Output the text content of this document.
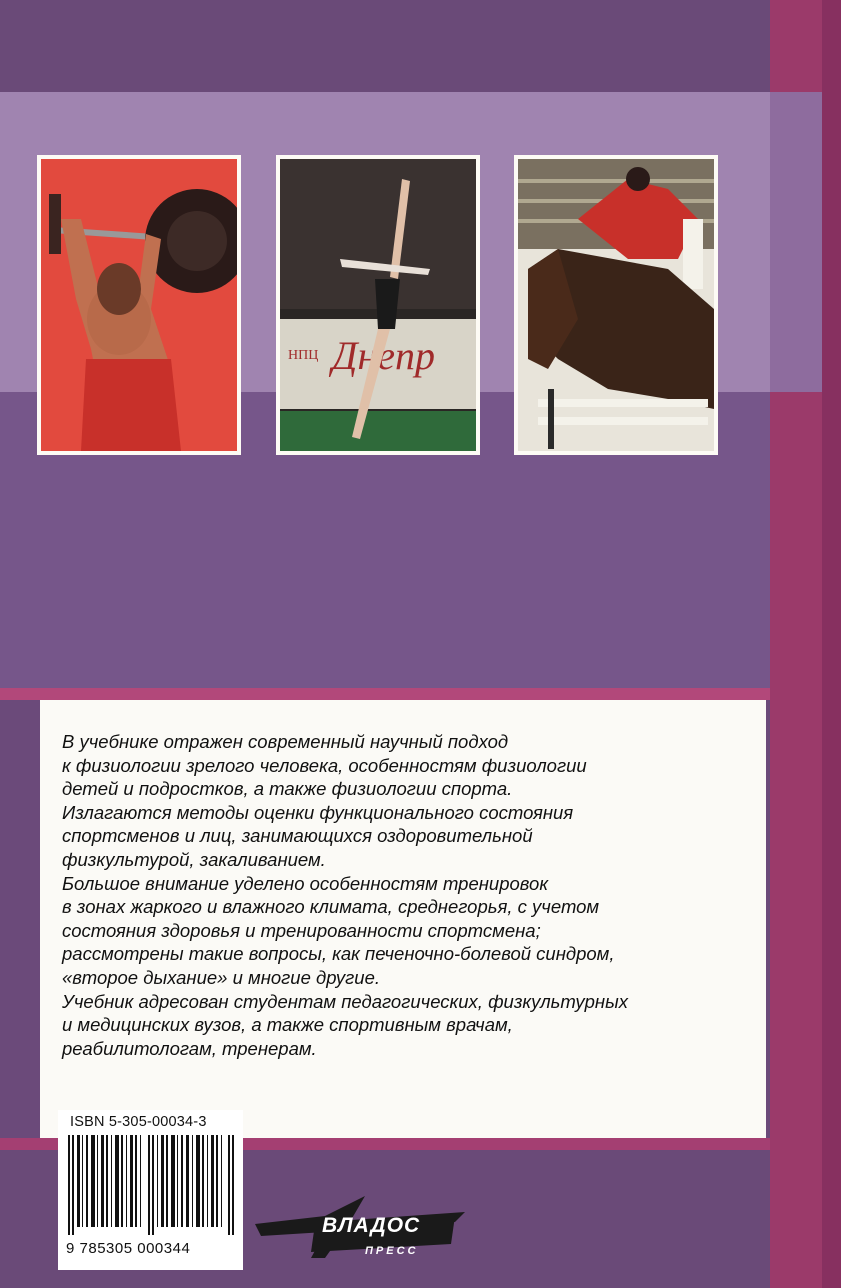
НПЦ Днепр

В учебнике отражен современный научный подход

к физиологии зрелого человека, особенностям физиологии

детей и подростков, а также физиологии спорта.

Излагаются методы оценки функционального состояния

спортсменов и лиц, занимающихся оздоровительной

физкультурой, закаливанием.

Большое внимание уделено особенностям тренировок

в зонах жаркого и влажного климата, среднегорья, с учетом

состояния здоровья и тренированности спортсмена;

рассмотрены такие вопросы, как печеночно-болевой синдром,

«второе дыхание» и многие другие.

Учебник адресован студентам педагогических, физкультурных

и медицинских вузов, а также спортивным врачам,

реабилитологам, тренерам.

ISBN 5-305-00034-3
9 785305 000344
ВЛАДОС
ПРЕСС
